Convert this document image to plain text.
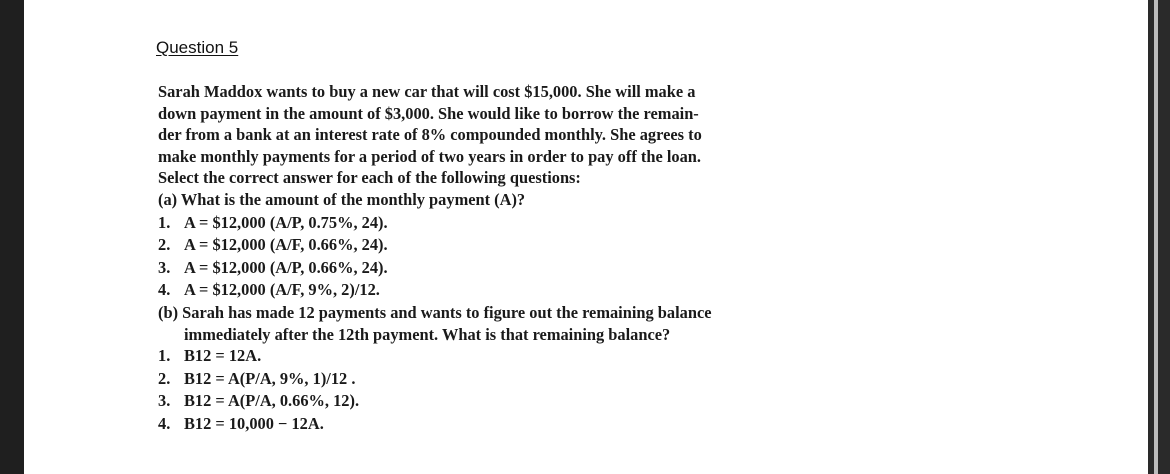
Question 5
Sarah Maddox wants to buy a new car that will cost $15,000. She will make a
down payment in the amount of $3,000. She would like to borrow the remain-
der from a bank at an interest rate of 8% compounded monthly. She agrees to
make monthly payments for a period of two years in order to pay off the loan.
Select the correct answer for each of the following questions:
(a) What is the amount of the monthly payment (A)?
1. A = $12,000 (A/P, 0.75%, 24).
2. A = $12,000 (A/F, 0.66%, 24).
3. A = $12,000 (A/P, 0.66%, 24).
4. A = $12,000 (A/F, 9%, 2)/12.
(b) Sarah has made 12 payments and wants to figure out the remaining balance
immediately after the 12th payment. What is that remaining balance?
1. B12 = 12A.
2. B12 = A(P/A, 9%, 1)/12 .
3. B12 = A(P/A, 0.66%, 12).
4. B12 = 10,000 − 12A.
